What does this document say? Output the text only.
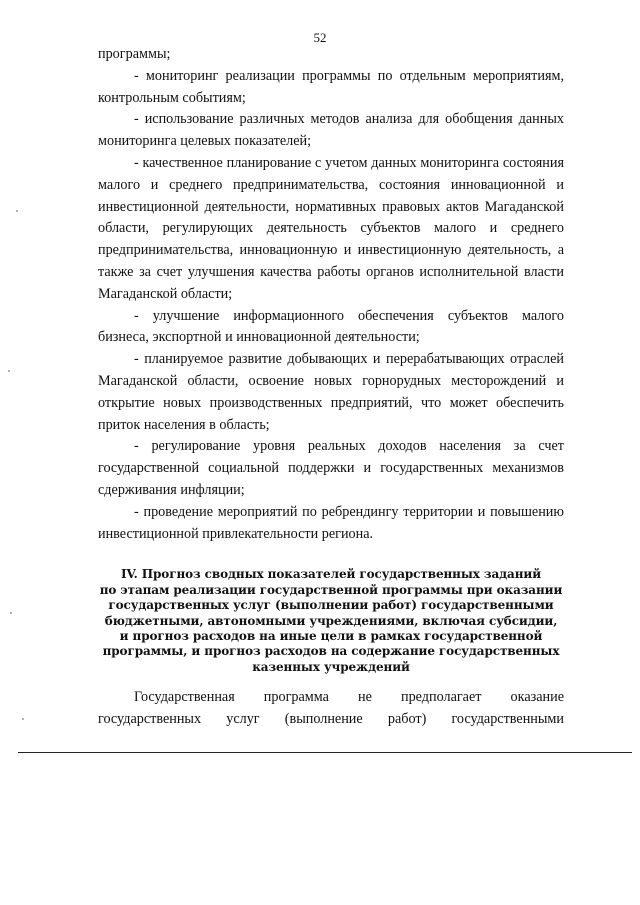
52

программы;

- мониторинг реализации программы по отдельным мероприятиям, контрольным событиям;

- использование различных методов анализа для обобщения данных мониторинга целевых показателей;

- качественное планирование с учетом данных мониторинга состояния малого и среднего предпринимательства, состояния инновационной и инвестиционной деятельности, нормативных правовых актов Магаданской области, регулирующих деятельность субъектов малого и среднего предпринимательства, инновационную и инвестиционную деятельность, а также за счет улучшения качества работы органов исполнительной власти Магаданской области;

- улучшение информационного обеспечения субъектов малого бизнеса, экспортной и инновационной деятельности;

- планируемое развитие добывающих и перерабатывающих отраслей Магаданской области, освоение новых горнорудных месторождений и открытие новых производственных предприятий, что может обеспечить приток населения в область;

- регулирование уровня реальных доходов населения за счет государственной социальной поддержки и государственных механизмов сдерживания инфляции;

- проведение мероприятий по ребрендингу территории и повышению инвестиционной привлекательности региона.

IV. Прогноз сводных показателей государственных заданий
по этапам реализации государственной программы при оказании
государственных услуг (выполнении работ) государственными
бюджетными, автономными учреждениями, включая субсидии,
и прогноз расходов на иные цели в рамках государственной
программы, и прогноз расходов на содержание государственных
казенных учреждений

Государственная программа не предполагает оказание

государственных услуг (выполнение работ) государственными
